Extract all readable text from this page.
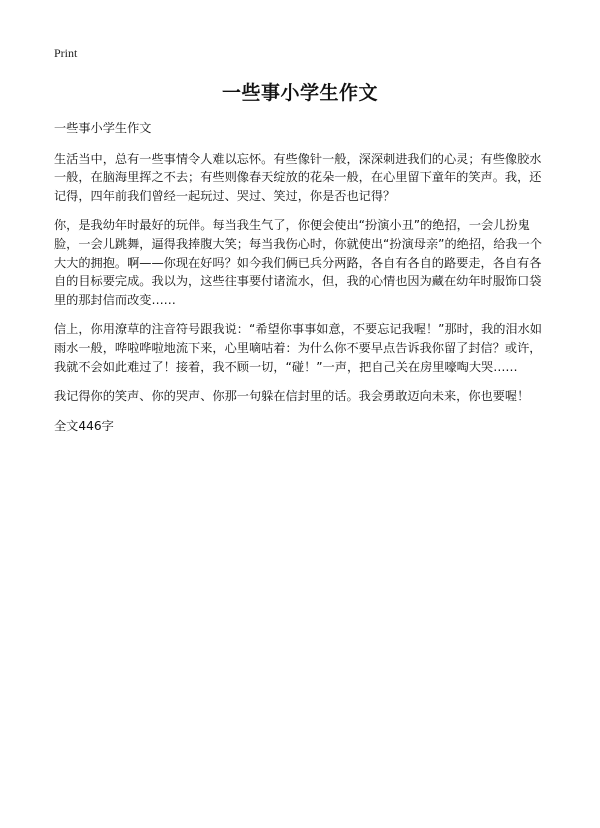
Print
一些事小学生作文

一些事小学生作文

生活当中，总有一些事情令人难以忘怀。有些像针一般，深深刺进我们的心灵；有些像胶水一般，在脑海里挥之不去；有些则像春天绽放的花朵一般，在心里留下童年的笑声。我，还记得，四年前我们曾经一起玩过、哭过、笑过，你是否也记得？

你，是我幼年时最好的玩伴。每当我生气了，你便会使出“扮演小丑”的绝招，一会儿扮鬼脸，一会儿跳舞，逼得我捧腹大笑；每当我伤心时，你就使出“扮演母亲”的绝招，给我一个大大的拥抱。啊——你现在好吗？如今我们俩已兵分两路，各自有各自的路要走，各自有各自的目标要完成。我以为，这些往事要付诸流水，但，我的心情也因为藏在幼年时服饰口袋里的那封信而改变……

信上，你用潦草的注音符号跟我说：“希望你事事如意，不要忘记我喔！”那时，我的泪水如雨水一般，哗啦哗啦地流下来，心里嘀咕着：为什么你不要早点告诉我你留了封信？或许，我就不会如此难过了！接着，我不顾一切，“碰！”一声，把自己关在房里嚎啕大哭……

我记得你的笑声、你的哭声、你那一句躲在信封里的话。我会勇敢迈向未来，你也要喔！

全文446字
